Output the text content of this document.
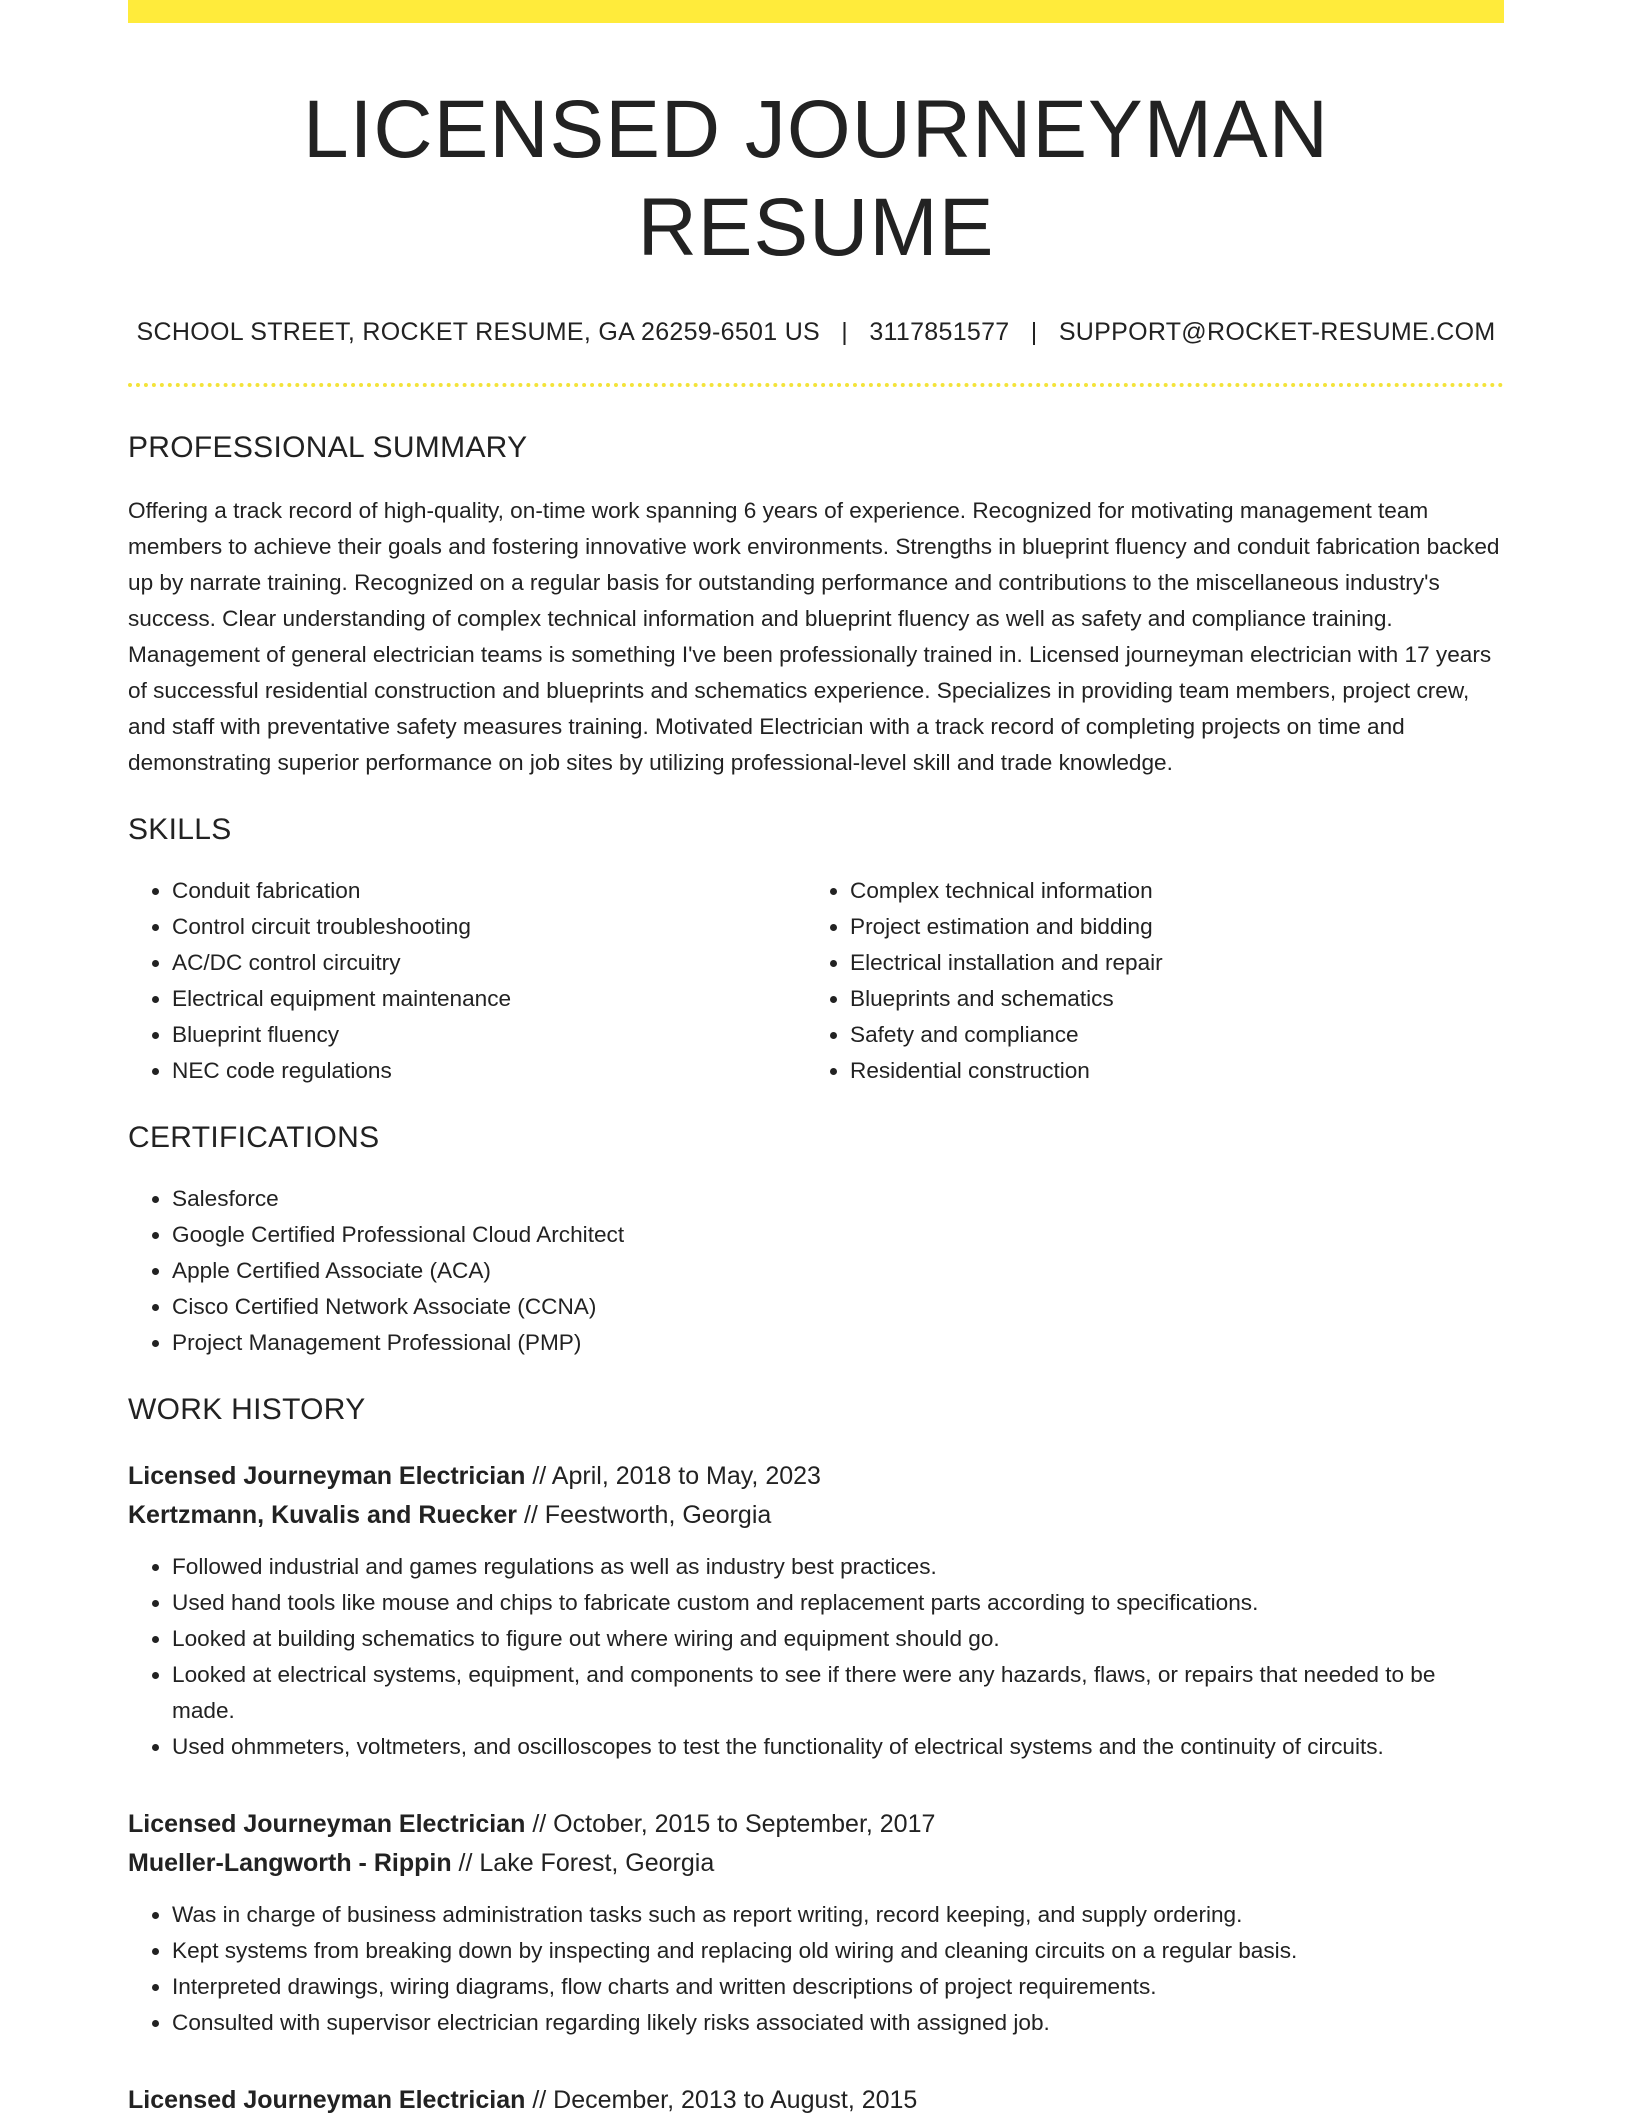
LICENSED JOURNEYMAN RESUME
SCHOOL STREET, ROCKET RESUME, GA 26259-6501 US | 3117851577 | SUPPORT@ROCKET-RESUME.COM
PROFESSIONAL SUMMARY

Offering a track record of high-quality, on-time work spanning 6 years of experience. Recognized for motivating management team members to achieve their goals and fostering innovative work environments. Strengths in blueprint fluency and conduit fabrication backed up by narrate training. Recognized on a regular basis for outstanding performance and contributions to the miscellaneous industry's success. Clear understanding of complex technical information and blueprint fluency as well as safety and compliance training. Management of general electrician teams is something I've been professionally trained in. Licensed journeyman electrician with 17 years of successful residential construction and blueprints and schematics experience. Specializes in providing team members, project crew, and staff with preventative safety measures training. Motivated Electrician with a track record of completing projects on time and demonstrating superior performance on job sites by utilizing professional-level skill and trade knowledge.

SKILLS
• Conduit fabrication
• Control circuit troubleshooting
• AC/DC control circuitry
• Electrical equipment maintenance
• Blueprint fluency
• NEC code regulations
• Complex technical information
• Project estimation and bidding
• Electrical installation and repair
• Blueprints and schematics
• Safety and compliance
• Residential construction
CERTIFICATIONS
• Salesforce
• Google Certified Professional Cloud Architect
• Apple Certified Associate (ACA)
• Cisco Certified Network Associate (CCNA)
• Project Management Professional (PMP)
WORK HISTORY
Licensed Journeyman Electrician // April, 2018 to May, 2023
Kertzmann, Kuvalis and Ruecker // Feestworth, Georgia
• Followed industrial and games regulations as well as industry best practices.
• Used hand tools like mouse and chips to fabricate custom and replacement parts according to specifications.
• Looked at building schematics to figure out where wiring and equipment should go.
• Looked at electrical systems, equipment, and components to see if there were any hazards, flaws, or repairs that needed to be made.
• Used ohmmeters, voltmeters, and oscilloscopes to test the functionality of electrical systems and the continuity of circuits.
Licensed Journeyman Electrician // October, 2015 to September, 2017
Mueller-Langworth - Rippin // Lake Forest, Georgia
• Was in charge of business administration tasks such as report writing, record keeping, and supply ordering.
• Kept systems from breaking down by inspecting and replacing old wiring and cleaning circuits on a regular basis.
• Interpreted drawings, wiring diagrams, flow charts and written descriptions of project requirements.
• Consulted with supervisor electrician regarding likely risks associated with assigned job.
Licensed Journeyman Electrician // December, 2013 to August, 2015
